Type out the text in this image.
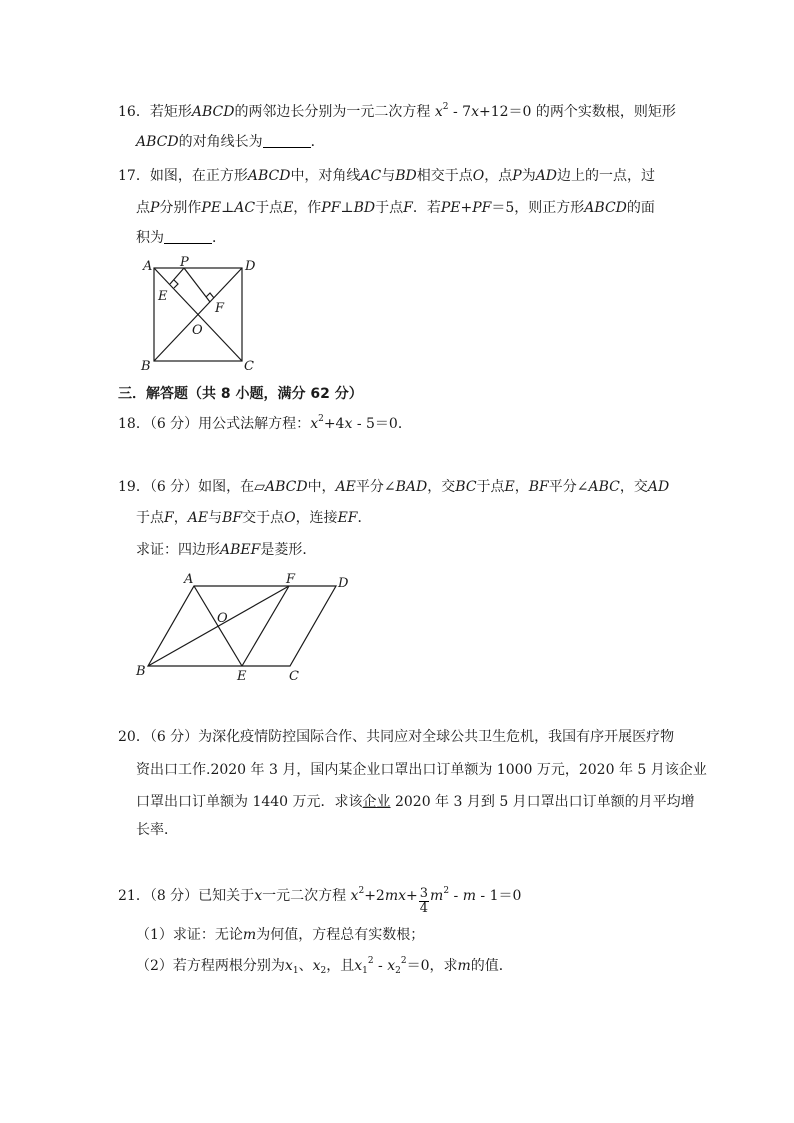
16．若矩形ABCD的两邻边长分别为一元二次方程 $x^2 - 7x+12=0$ 的两个实数根，则矩形
ABCD的对角线长为	．
17．如图，在正方形ABCD中，对角线AC与BD相交于点O，点P为AD边上的一点，过
点P分别作PE⊥AC于点E，作PF⊥BD于点F．若PE+PF＝5，则正方形ABCD的面
积为	．
A P	D
E
F
O
B	C
三．解答题（共 8 小题，满分 62 分）
18．（6 分）用公式法解方程：$x^2+4x - 5=0$．
19．（6 分）如图，在▱ABCD中，AE平分∠BAD，交BC于点E，BF平分∠ABC，交AD
于点F，AE与BF交于点O，连接EF．
求证：四边形ABEF是菱形．
A	F	D
O
B	E	C
20．（6 分）为深化疫情防控国际合作、共同应对全球公共卫生危机，我国有序开展医疗物
资出口工作.2020 年 3 月，国内某企业口罩出口订单额为 1000 万元，2020 年 5 月该企业
口罩出口订单额为 1440 万元．求该企业 2020 年 3 月到 5 月口罩出口订单额的月平均增
长率．
21．（8 分）已知关于x一元二次方程 $x^2+2mx+ \frac{3}{4} m^2 - m - 1=0$
（1）求证：无论m为何值，方程总有实数根；
（2）若方程两根分别为$x_1$、$x_2$，且$x_1^2 - x_2^2=0$，求m的值．
